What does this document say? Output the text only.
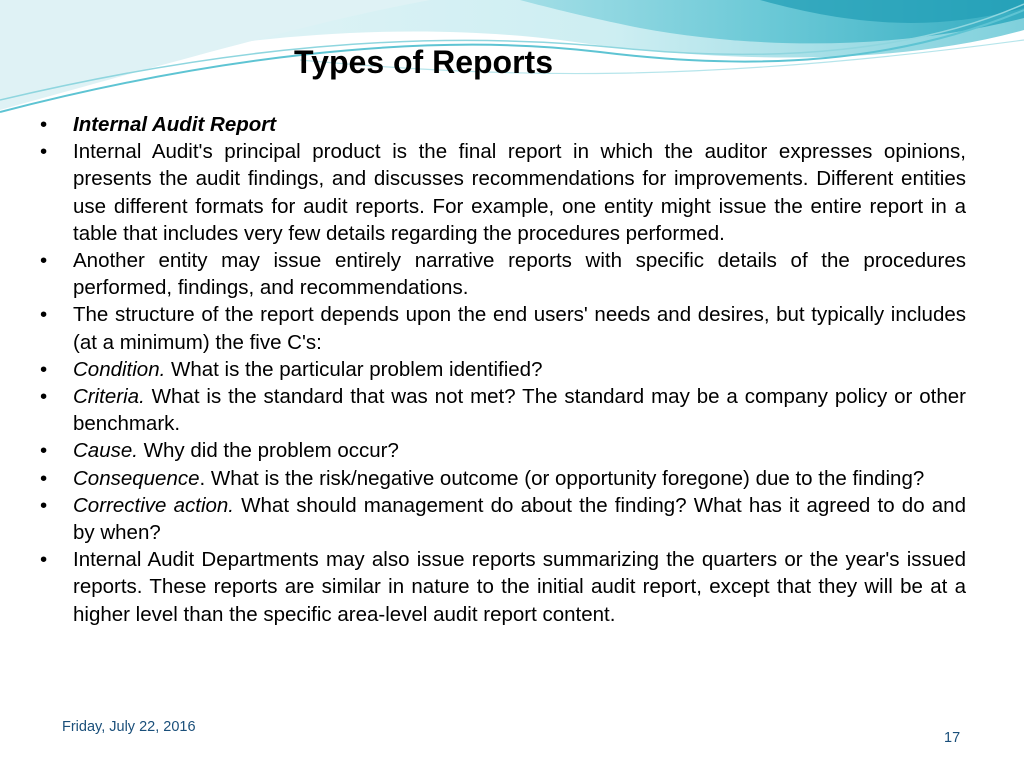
Types of Reports
• Internal Audit Report
• Internal Audit's principal product is the final report in which the auditor expresses opinions, presents the audit findings, and discusses recommendations for improvements. Different entities use different formats for audit reports. For example, one entity might issue the entire report in a table that includes very few details regarding the procedures performed.
• Another entity may issue entirely narrative reports with specific details of the procedures performed, findings, and recommendations.
• The structure of the report depends upon the end users' needs and desires, but typically includes (at a minimum) the five C's:
• Condition. What is the particular problem identified?
• Criteria. What is the standard that was not met? The standard may be a company policy or other benchmark.
• Cause. Why did the problem occur?
• Consequence. What is the risk/negative outcome (or opportunity foregone) due to the finding?
• Corrective action. What should management do about the finding? What has it agreed to do and by when?
• Internal Audit Departments may also issue reports summarizing the quarters or the year's issued reports. These reports are similar in nature to the initial audit report, except that they will be at a higher level than the specific area-level audit report content.
Friday, July 22, 2016
17
